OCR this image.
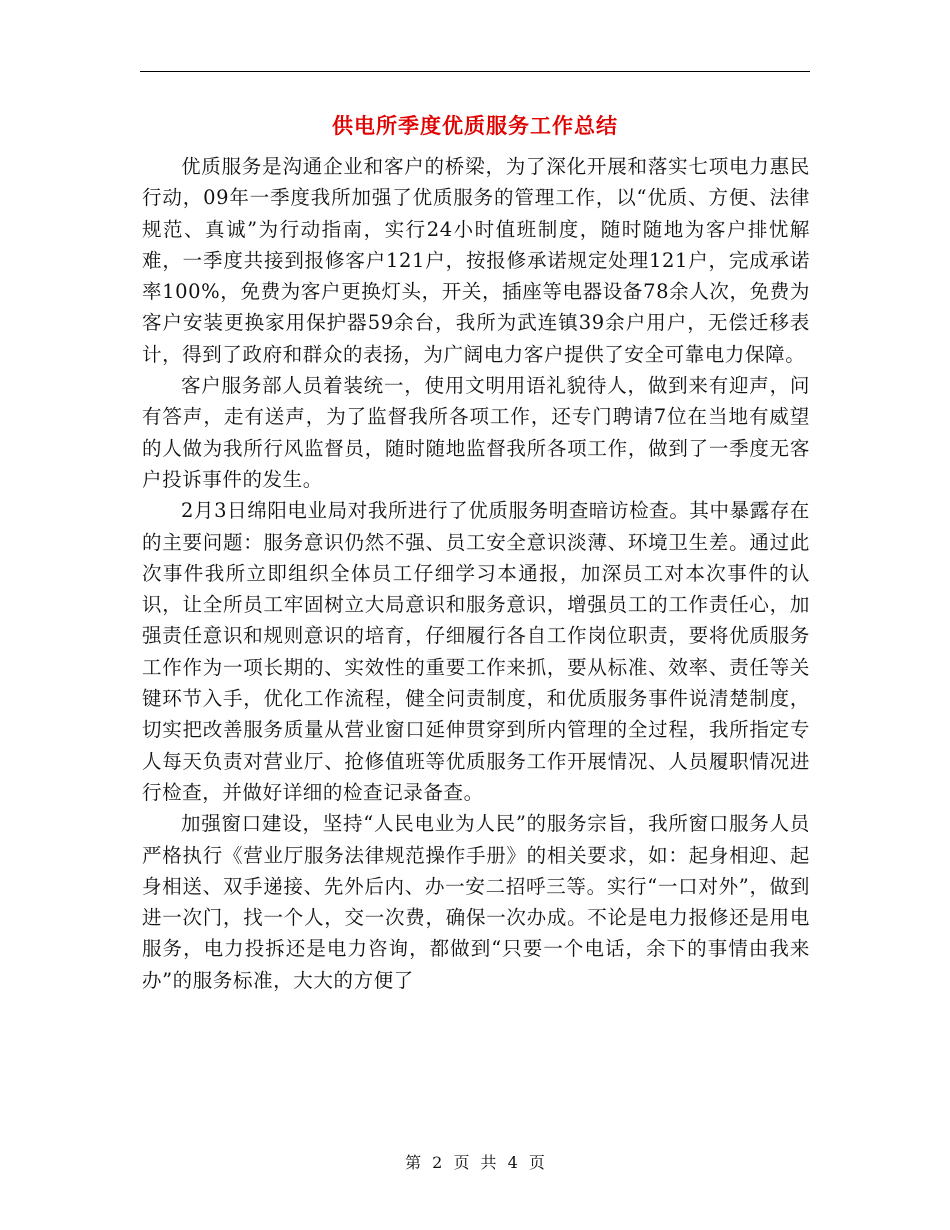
供电所季度优质服务工作总结

优质服务是沟通企业和客户的桥梁，为了深化开展和落实七项电力惠民行动，09年一季度我所加强了优质服务的管理工作，以“优质、方便、法律规范、真诚”为行动指南，实行24小时值班制度，随时随地为客户排忧解难，一季度共接到报修客户121户，按报修承诺规定处理121户，完成承诺率100%，免费为客户更换灯头，开关，插座等电器设备78余人次，免费为客户安装更换家用保护器59余台，我所为武连镇39余户用户，无偿迁移表计，得到了政府和群众的表扬，为广阔电力客户提供了安全可靠电力保障。

客户服务部人员着装统一，使用文明用语礼貌待人，做到来有迎声，问有答声，走有送声，为了监督我所各项工作，还专门聘请7位在当地有威望的人做为我所行风监督员，随时随地监督我所各项工作，做到了一季度无客户投诉事件的发生。

2月3日绵阳电业局对我所进行了优质服务明查暗访检查。其中暴露存在的主要问题：服务意识仍然不强、员工安全意识淡薄、环境卫生差。通过此次事件我所立即组织全体员工仔细学习本通报，加深员工对本次事件的认识，让全所员工牢固树立大局意识和服务意识，增强员工的工作责任心，加强责任意识和规则意识的培育，仔细履行各自工作岗位职责，要将优质服务工作作为一项长期的、实效性的重要工作来抓，要从标准、效率、责任等关键环节入手，优化工作流程，健全问责制度，和优质服务事件说清楚制度，切实把改善服务质量从营业窗口延伸贯穿到所内管理的全过程，我所指定专人每天负责对营业厅、抢修值班等优质服务工作开展情况、人员履职情况进行检查，并做好详细的检查记录备查。

加强窗口建设，坚持“人民电业为人民”的服务宗旨，我所窗口服务人员严格执行《营业厅服务法律规范操作手册》的相关要求，如：起身相迎、起身相送、双手递接、先外后内、办一安二招呼三等。实行“一口对外”，做到进一次门，找一个人，交一次费，确保一次办成。不论是电力报修还是用电服务，电力投拆还是电力咨询，都做到“只要一个电话，余下的事情由我来办”的服务标准，大大的方便了

第 2 页 共 4 页
